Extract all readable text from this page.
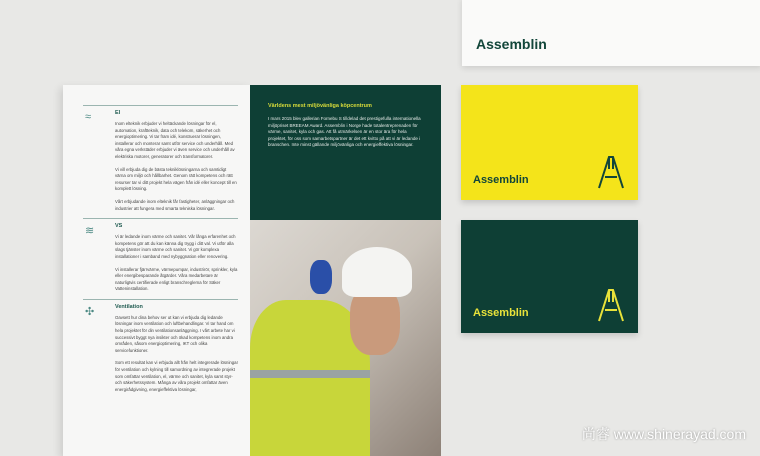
Assemblin
≈	El

Inom elteknik erbjuder vi heltäckande lösningar för el, automation, kraftteknik, data och telekom, säkerhet och energioptimering. Vi tar fram idé, konstruerar lösningen, installerar och monterar samt utför service och underhåll. Med våra egna verkstäder erbjuder vi även service och underhåll av elektriska motorer, generatorer och transformatorer.

Vi vill erbjuda dig de bästa tekniklösningarna och samtidigt värna om miljö och hållbarhet. Genom rätt kompetens och rätt resurser tar vi ditt projekt hela vägen från idé eller koncept till en komplett lösning.

Vårt erbjudande inom elteknik får fastigheter, anläggningar och industrier att fungera med smarta tekniska lösningar.

≋	VS

Vi är ledande inom värme och sanitet. Vår långa erfarenhet och kompetens gör att du kan känna dig trygg i ditt val. Vi utför alla slags tjänster inom värme och sanitet. Vi gör komplexa installationer i samband med nybyggnation eller renovering.

Vi installerar fjärrvärme, värmepumpar, industrirör, sprinkler, kyla eller energibesparande åtgärder. Våra medarbetare är naturligtvis certifierade enligt branschreglerna för Säker Vatteninstallation.

✣	Ventilation

Oavsett hur dina behov ser ut kan vi erbjuda dig ledande lösningar inom ventilation och luftbehandlingar. Vi tar hand om hela projektet för din ventilationsanläggning. I vårt arbete har vi successivt byggt nya insikter och ökad kompetens inom andra områden, såsom energioptimering, IKT och olika servicefunktioner.

Som ett resultat kan vi erbjuda allt från helt integrerade lösningar för ventilation och kylning till samordning av integrerade projekt som omfattar ventilation, el, värme och sanitet, kyla samt styr- och säkerhetssystem. Många av våra projekt omfattar även energirådgivning, energieffektiva lösningar,

Världens mest miljövänliga köpcentrum

I mars 2015 blev gallerian Fornebu S tilldelad det prestigefulla internationella miljöpriset BREEAM Award. Assemblin i Norge hade totalentreprenaden för värme, sanitet, kyla och gas. Att få utmärkelsen är en stor ära för hela projektet, för oss som samarbetspartner är det ett kvitto på att vi är ledande i branschen. Inte minst gällande miljövänliga och energieffektiva lösningar.

Assemblin
Assemblin
尚睿 www.shinerayad.com
